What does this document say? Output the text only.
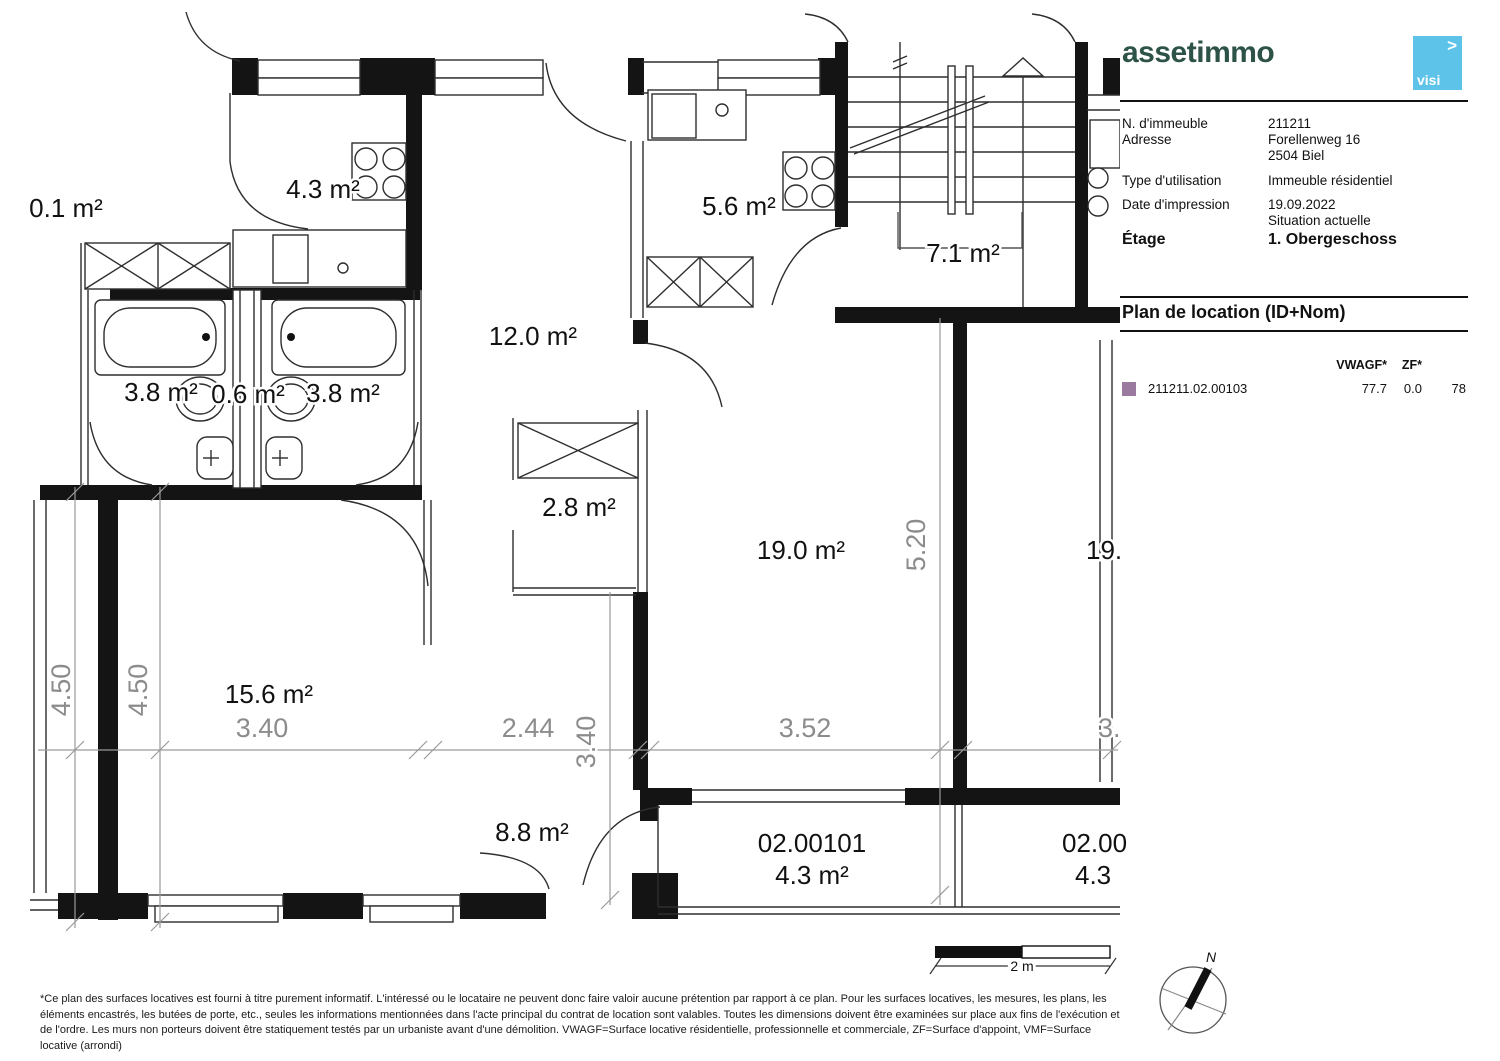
0.1 m²
4.3 m²
5.6 m²
7.1 m²
12.0 m²
3.8 m² 0.6 m² 3.8 m²
2.8 m²
19.0 m²	19.
15.6 m²
8.8 m²	02.00101
4.3 m²
02.00
4.3
4.50 4.50
3.40	2.44 3.40	3.52	3.
5.20
2 m
N
assetimmo	>
visi
N. d'immeuble	211211
Adresse	Forellenweg 16
2504 Biel
Type d'utilisation	Immeuble résidentiel
Date d'impression	19.09.2022
Situation actuelle
Étage	1. Obergeschoss
Plan de location (ID+Nom)
VWAGF*	ZF*
211211.02.00103	77.7	0.0	78
*Ce plan des surfaces locatives est fourni à titre purement informatif. L'intéressé ou le locataire ne peuvent donc faire valoir aucune prétention par rapport à ce plan. Pour les surfaces locatives, les mesures, les plans, les éléments encastrés, les butées de porte, etc., seules les informations mentionnées dans l'acte principal du contrat de location sont valables. Toutes les dimensions doivent être examinées sur place aux fins de l'exécution et de l'ordre. Les murs non porteurs doivent être statiquement testés par un urbaniste avant d'une démolition. VWAGF=Surface locative résidentielle, professionnelle et commerciale, ZF=Surface d'appoint, VMF=Surface locative (arrondi)
